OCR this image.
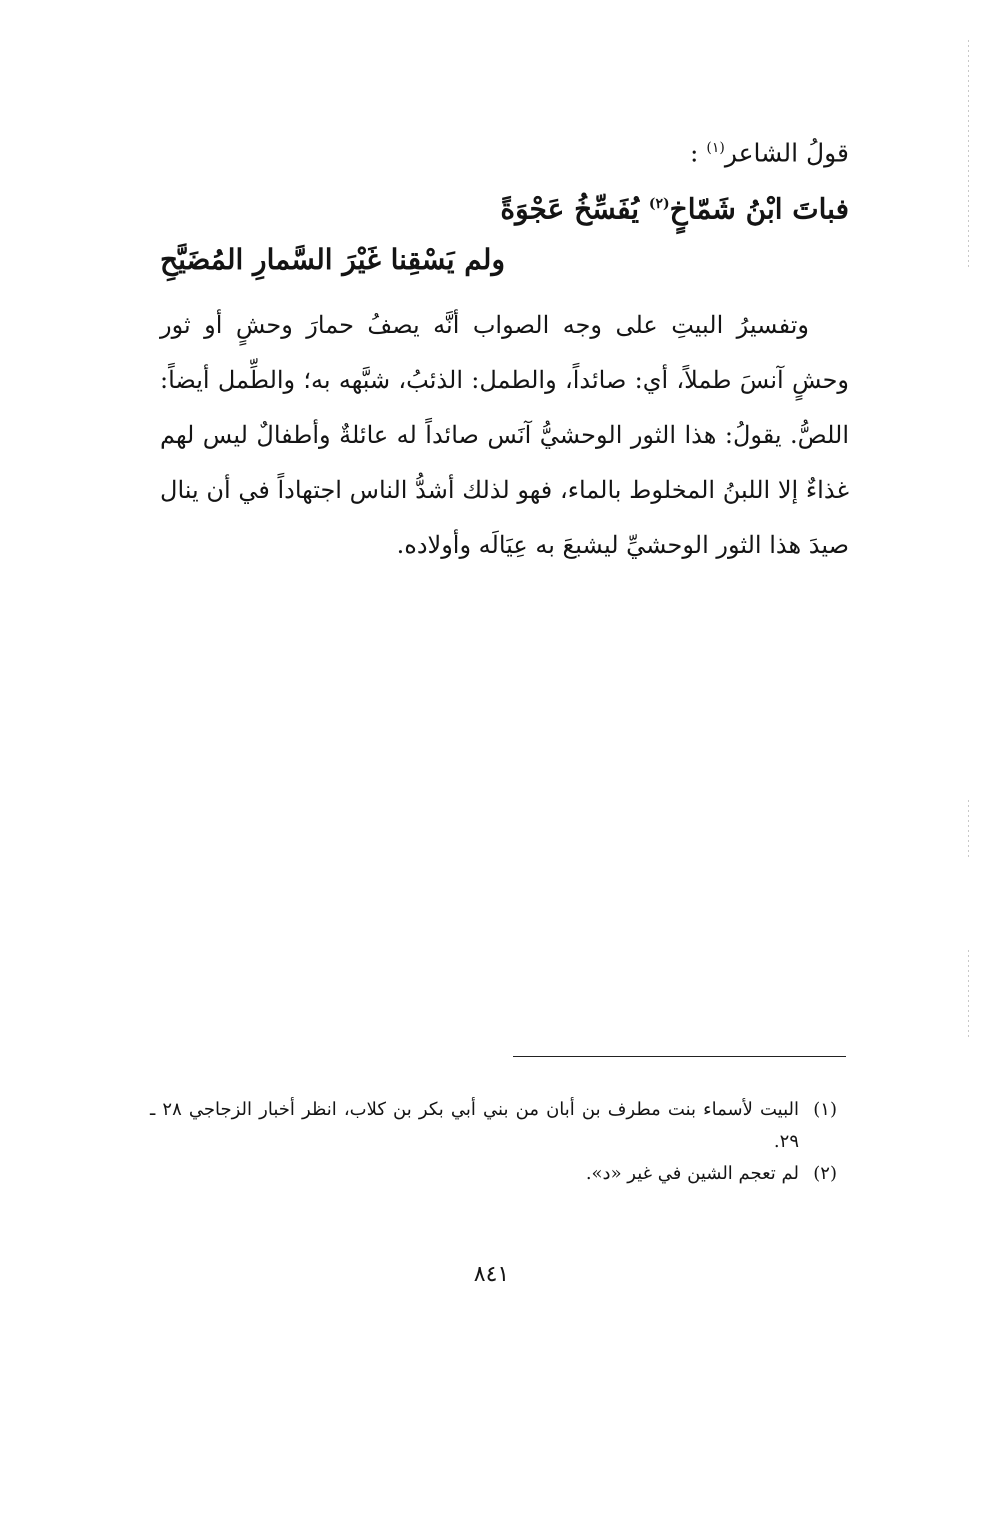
قولُ الشاعر$^{(١)}$ :

فباتَ ابْنُ شَمّاخٍ$^{(٢)}$ يُفَسِّخُ عَجْوَةً

ولم يَسْقِنا غَيْرَ السَّمارِ المُضَيَّحِ

وتفسيرُ البيتِ على وجه الصواب أنَّه يصفُ حمارَ وحشٍ أو ثور وحشٍ آنسَ طملاً، أي: صائداً، والطمل: الذئبُ، شبَّهه به؛ والطِّمل أيضاً: اللصُّ. يقولُ: هذا الثور الوحشيُّ آنَس صائداً له عائلةٌ وأطفالٌ ليس لهم غذاءٌ إلا اللبنُ المخلوط بالماء، فهو لذلك أشدُّ الناس اجتهاداً في أن ينال صيدَ هذا الثور الوحشيِّ ليشبعَ به عِيَالَه وأولاده.

(١)البيت لأسماء بنت مطرف بن أبان من بني أبي بكر بن كلاب، انظر أخبار الزجاجي ٢٨ ـ ٢٩.

(٢)لم تعجم الشين في غير «د».

٨٤١
